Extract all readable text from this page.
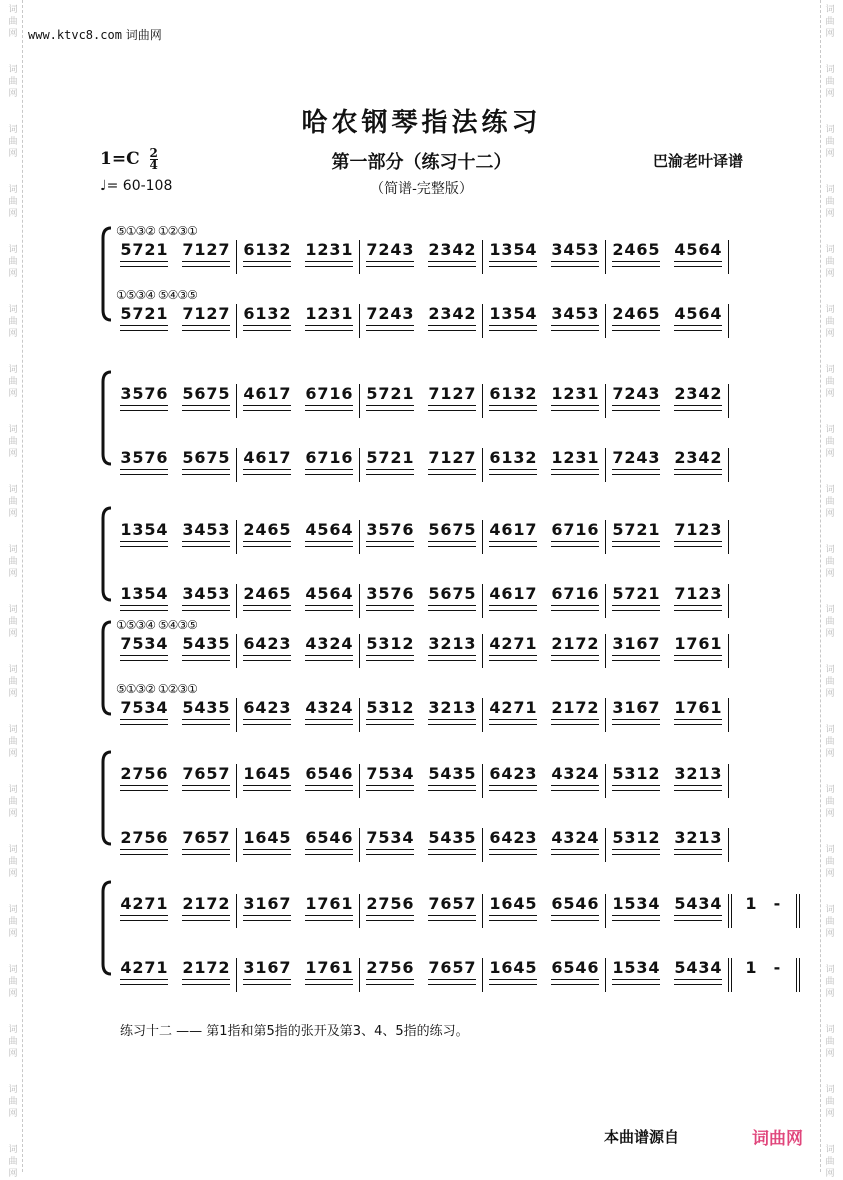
词
曲
网
词
曲
网
词
曲
网
词
曲
网
词
曲
网
词
曲
网
词
曲
网
词
曲
网
词
曲
网
词
曲
网
词
曲
网
词
曲
网
词
曲
网
词
曲
网
词
曲
网
词
曲
网
词
曲
网
词
曲
网
词
曲
网
词
曲
网
词
曲
网
词
曲
网
词
曲
网
词
曲
网
词
曲
网
词
曲
网
词
曲
网
词
曲
网
词
曲
网
词
曲
网
词
曲
网
词
曲
网
词
曲
网
词
曲
网
词
曲
网
词
曲
网
词
曲
网
词
曲
网
词
曲
网
词
曲
网
www.ktvc8.com 词曲网
哈农钢琴指法练习
$1=C \frac{2}{4}$
♩= 60-108
第一部分（练习十二）
（简谱-完整版）
巴渝老叶译谱
5 7 2 1 7 1 2 7 6 1 3 2 1 2 3 1 7 2 4 3 2 3 4 2 1 3 5 4 3 4 5 3 2 4 6 5 4 5 6 4
5 7 2 1 7 1 2 7 6 1 3 2 1 2 3 1 7 2 4 3 2 3 4 2 1 3 5 4 3 4 5 3 2 4 6 5 4 5 6 4
⑤①③② ①②③①
①⑤③④ ⑤④③⑤
3 5 7 6 5 6 7 5 4 6 1 7 6 7 1 6 5 7 2 1 7 1 2 7 6 1 3 2 1 2 3 1 7 2 4 3 2 3 4 2
3 5 7 6 5 6 7 5 4 6 1 7 6 7 1 6 5 7 2 1 7 1 2 7 6 1 3 2 1 2 3 1 7 2 4 3 2 3 4 2
1 3 5 4 3 4 5 3 2 4 6 5 4 5 6 4 3 5 7 6 5 6 7 5 4 6 1 7 6 7 1 6 5 7 2 1 7 1 2 3
1 3 5 4 3 4 5 3 2 4 6 5 4 5 6 4 3 5 7 6 5 6 7 5 4 6 1 7 6 7 1 6 5 7 2 1 7 1 2 3
7 5 3 4 5 4 3 5 6 4 2 3 4 3 2 4 5 3 1 2 3 2 1 3 4 2 7 1 2 1 7 2 3 1 6 7 1 7 6 1
7 5 3 4 5 4 3 5 6 4 2 3 4 3 2 4 5 3 1 2 3 2 1 3 4 2 7 1 2 1 7 2 3 1 6 7 1 7 6 1
①⑤③④ ⑤④③⑤
⑤①③② ①②③①
2 7 5 6 7 6 5 7 1 6 4 5 6 5 4 6 7 5 3 4 5 4 3 5 6 4 2 3 4 3 2 4 5 3 1 2 3 2 1 3
2 7 5 6 7 6 5 7 1 6 4 5 6 5 4 6 7 5 3 4 5 4 3 5 6 4 2 3 4 3 2 4 5 3 1 2 3 2 1 3
4 2 7 1 2 1 7 2 3 1 6 7 1 7 6 1 2 7 5 6 7 6 5 7 1 6 4 5 6 5 4 6 1 5 3 4 5 4 3 4	1	-
4 2 7 1 2 1 7 2 3 1 6 7 1 7 6 1 2 7 5 6 7 6 5 7 1 6 4 5 6 5 4 6 1 5 3 4 5 4 3 4	1	-
练习十二 —— 第1指和第5指的张开及第3、4、5指的练习。
本曲谱源自	词曲网
